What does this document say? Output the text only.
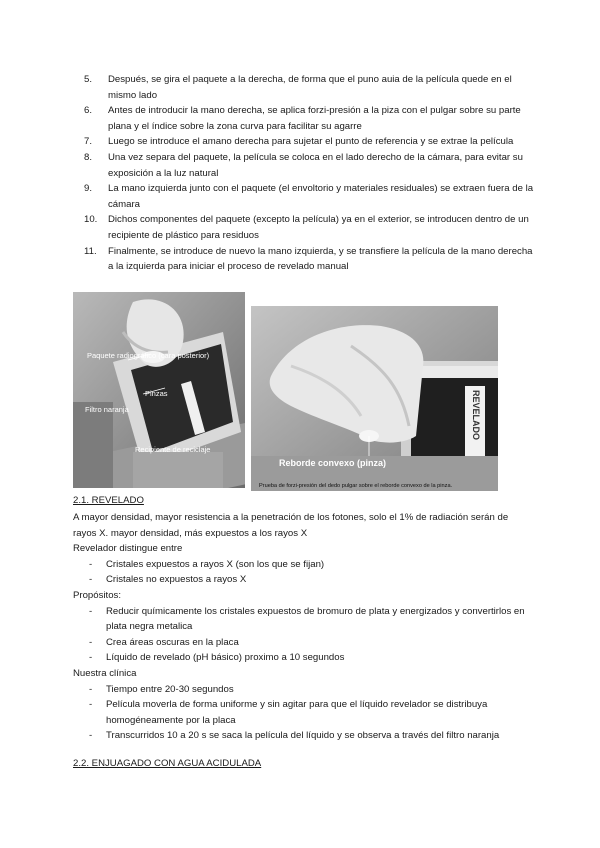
5.	Después, se gira el paquete a la derecha, de forma que el puno auia de la película quede en el mismo lado
6.	Antes de introducir la mano derecha, se aplica forzi-presión a la piza con el pulgar sobre su parte plana y el índice sobre la zona curva para facilitar su agarre
7.	Luego se introduce el amano derecha para sujetar el punto de referencia y se extrae la película
8.	Una vez separa del paquete, la película se coloca en el lado derecho de la cámara, para evitar su exposición a la luz natural
9.	La mano izquierda junto con el paquete (el envoltorio y materiales residuales) se extraen fuera de la cámara
10.	Dichos componentes del paquete (excepto la película) ya en el exterior, se introducen dentro de un recipiente de plástico para residuos
11.	Finalmente, se introduce de nuevo la mano izquierda, y se transfiere la película de la mano derecha a la izquierda para iniciar el proceso de revelado manual
Paquete radiográfico (cara posterior)
Pinzas
Filtro naranja
Recipiente de reciclaje
REVELADO
Reborde convexo (pinza)
Prueba de forzi-presión del dedo pulgar sobre el reborde convexo de la pinza.
2.1. REVELADO

A mayor densidad, mayor resistencia a la penetración de los fotones, solo el 1% de radiación serán de rayos X. mayor densidad, más expuestos a los rayos X

Revelador distingue entre

-	Cristales expuestos a rayos X (son los que se fijan)
-	Cristales no expuestos a rayos X

Propósitos:

-	Reducir químicamente los cristales expuestos de bromuro de plata y energizados y convertirlos en plata negra metalica
-	Crea áreas oscuras en la placa
-	Líquido de revelado (pH básico) proximo a 10 segundos

Nuestra clínica

-	Tiempo entre 20-30 segundos
-	Película moverla de forma uniforme y sin agitar para que el líquido revelador se distribuya homogéneamente por la placa
-	Transcurridos 10 a 20 s se saca la película del líquido y se observa a través del filtro naranja
2.2. ENJUAGADO CON AGUA ACIDULADA
